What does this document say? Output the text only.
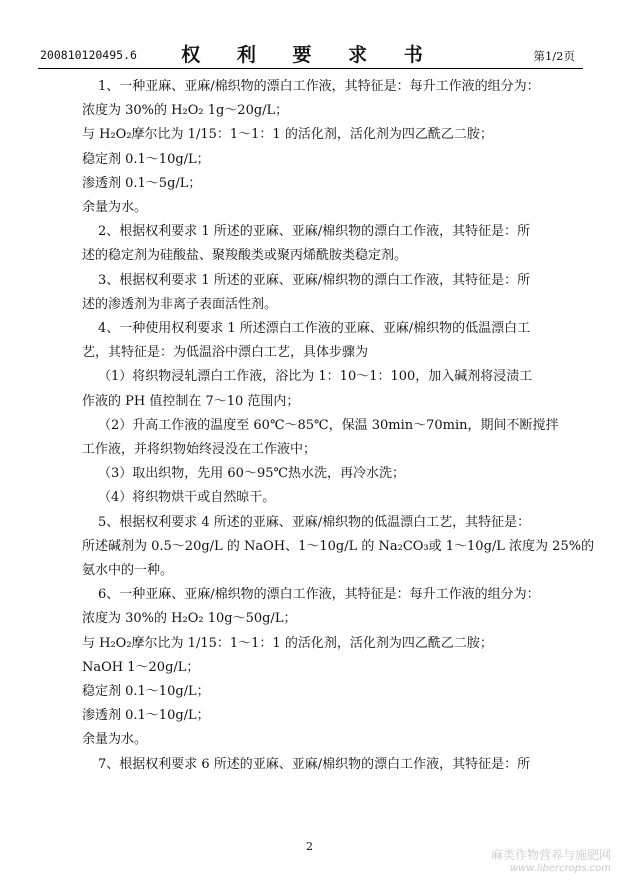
200810120495.6	权 利 要 求 书	第1/2页
1、一种亚麻、亚麻/棉织物的漂白工作液，其特征是：每升工作液的组分为：
浓度为 30%的 H₂O₂ 1g～20g/L；
与 H₂O₂摩尔比为 1/15：1～1：1 的活化剂，活化剂为四乙酰乙二胺；
稳定剂 0.1～10g/L；
渗透剂 0.1～5g/L；
余量为水。
2、根据权利要求 1 所述的亚麻、亚麻/棉织物的漂白工作液，其特征是：所
述的稳定剂为硅酸盐、聚羧酸类或聚丙烯酰胺类稳定剂。
3、根据权利要求 1 所述的亚麻、亚麻/棉织物的漂白工作液，其特征是：所
述的渗透剂为非离子表面活性剂。
4、一种使用权利要求 1 所述漂白工作液的亚麻、亚麻/棉织物的低温漂白工
艺，其特征是：为低温浴中漂白工艺，具体步骤为
（1）将织物浸轧漂白工作液，浴比为 1：10～1：100，加入碱剂将浸渍工
作液的 PH 值控制在 7～10 范围内；
（2）升高工作液的温度至 60℃～85℃，保温 30min～70min，期间不断搅拌
工作液，并将织物始终浸没在工作液中；
（3）取出织物，先用 60～95℃热水洗，再冷水洗；
（4）将织物烘干或自然晾干。
5、根据权利要求 4 所述的亚麻、亚麻/棉织物的低温漂白工艺，其特征是：
所述碱剂为 0.5～20g/L 的 NaOH、1～10g/L 的 Na₂CO₃或 1～10g/L 浓度为 25%的
氨水中的一种。
6、一种亚麻、亚麻/棉织物的漂白工作液，其特征是：每升工作液的组分为：
浓度为 30%的 H₂O₂ 10g～50g/L；
与 H₂O₂摩尔比为 1/15：1～1：1 的活化剂，活化剂为四乙酰乙二胺；
NaOH 1～20g/L；
稳定剂 0.1～10g/L；
渗透剂 0.1～10g/L；
余量为水。
7、根据权利要求 6 所述的亚麻、亚麻/棉织物的漂白工作液，其特征是：所
2
麻类作物营养与施肥网
www.libercrops.com
